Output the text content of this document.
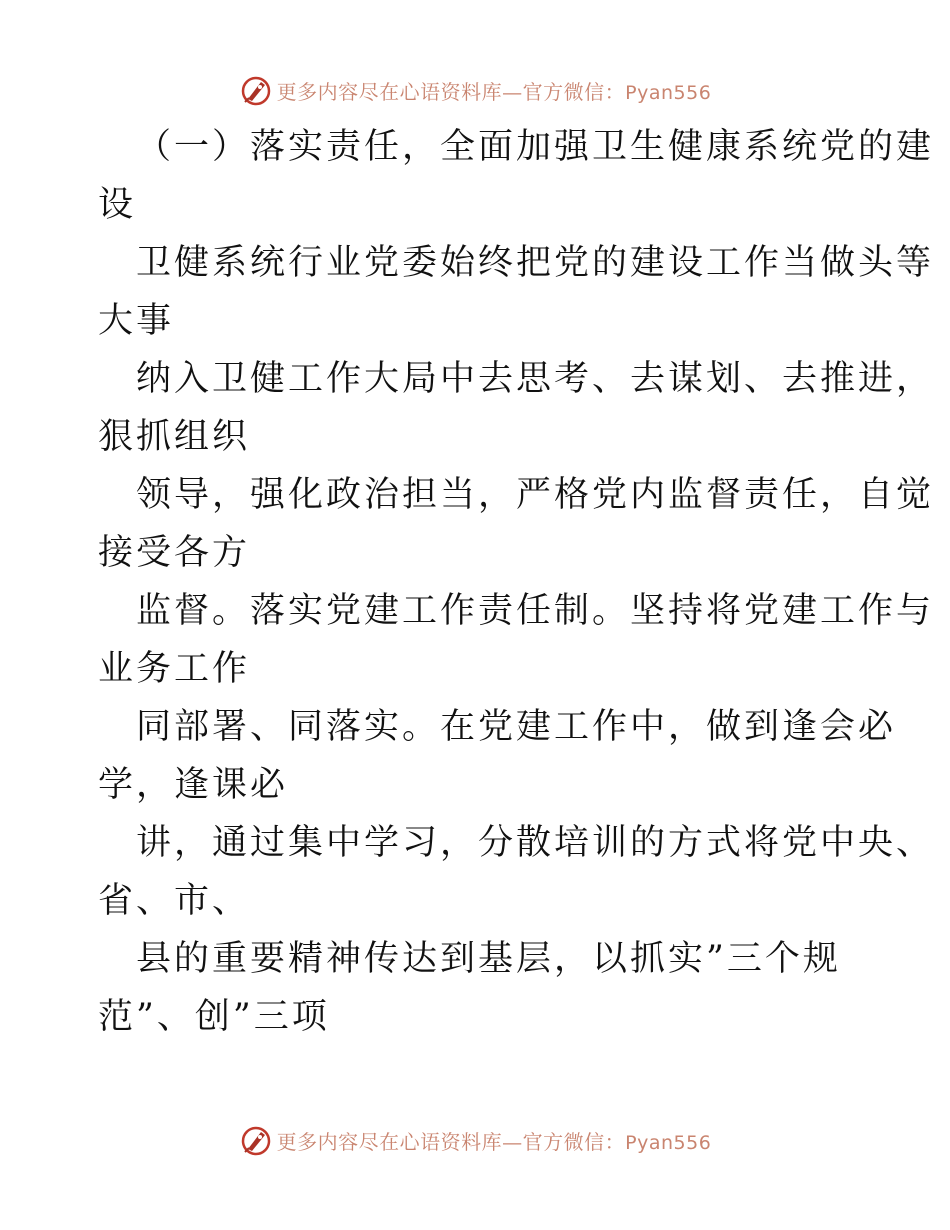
更多内容尽在心语资料库—官方微信：Pyan556
（一）落实责任，全面加强卫生健康系统党的建
设
卫健系统行业党委始终把党的建设工作当做头等
大事
纳入卫健工作大局中去思考、去谋划、去推进，
狠抓组织
领导，强化政治担当，严格党内监督责任，自觉
接受各方
监督。落实党建工作责任制。坚持将党建工作与
业务工作
同部署、同落实。在党建工作中，做到逢会必
学，逢课必
讲，通过集中学习，分散培训的方式将党中央、
省、市、
县的重要精神传达到基层，以抓实”三个规
范”、创”三项
更多内容尽在心语资料库—官方微信：Pyan556
